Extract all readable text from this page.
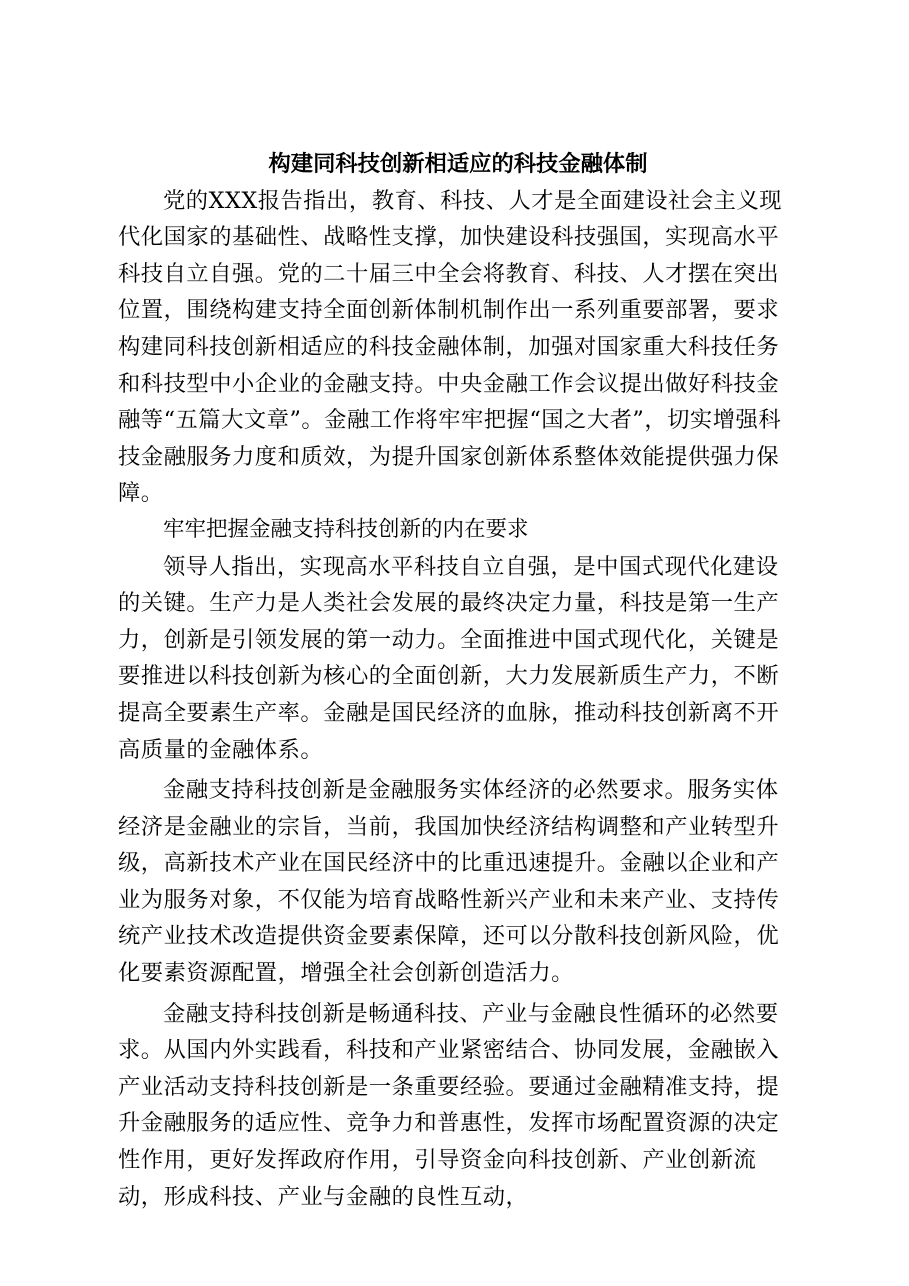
构建同科技创新相适应的科技金融体制

党的XXX报告指出，教育、科技、人才是全面建设社会主义现代化国家的基础性、战略性支撑，加快建设科技强国，实现高水平科技自立自强。党的二十届三中全会将教育、科技、人才摆在突出位置，围绕构建支持全面创新体制机制作出一系列重要部署，要求构建同科技创新相适应的科技金融体制，加强对国家重大科技任务和科技型中小企业的金融支持。中央金融工作会议提出做好科技金融等“五篇大文章”。金融工作将牢牢把握“国之大者”，切实增强科技金融服务力度和质效，为提升国家创新体系整体效能提供强力保障。

牢牢把握金融支持科技创新的内在要求

领导人指出，实现高水平科技自立自强，是中国式现代化建设的关键。生产力是人类社会发展的最终决定力量，科技是第一生产力，创新是引领发展的第一动力。全面推进中国式现代化，关键是要推进以科技创新为核心的全面创新，大力发展新质生产力，不断提高全要素生产率。金融是国民经济的血脉，推动科技创新离不开高质量的金融体系。

金融支持科技创新是金融服务实体经济的必然要求。服务实体经济是金融业的宗旨，当前，我国加快经济结构调整和产业转型升级，高新技术产业在国民经济中的比重迅速提升。金融以企业和产业为服务对象，不仅能为培育战略性新兴产业和未来产业、支持传统产业技术改造提供资金要素保障，还可以分散科技创新风险，优化要素资源配置，增强全社会创新创造活力。

金融支持科技创新是畅通科技、产业与金融良性循环的必然要求。从国内外实践看，科技和产业紧密结合、协同发展，金融嵌入产业活动支持科技创新是一条重要经验。要通过金融精准支持，提升金融服务的适应性、竞争力和普惠性，发挥市场配置资源的决定性作用，更好发挥政府作用，引导资金向科技创新、产业创新流动，形成科技、产业与金融的良性互动，
